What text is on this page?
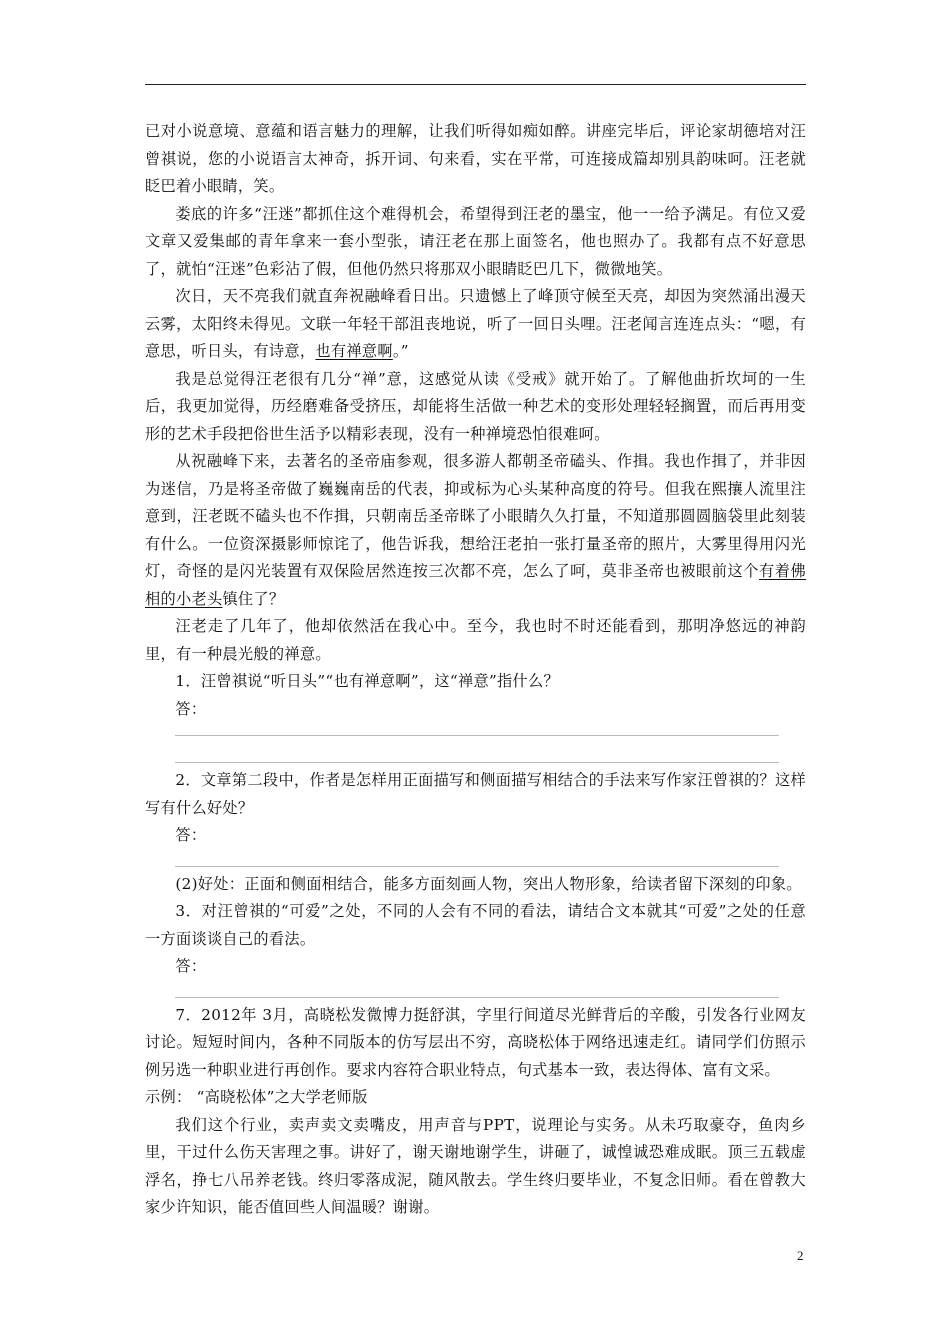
已对小说意境、意蕴和语言魅力的理解，让我们听得如痴如醉。讲座完毕后，评论家胡德培对汪曾祺说，您的小说语言太神奇，拆开词、句来看，实在平常，可连接成篇却别具韵味呵。汪老就眨巴着小眼睛，笑。

娄底的许多“汪迷”都抓住这个难得机会，希望得到汪老的墨宝，他一一给予满足。有位又爱文章又爱集邮的青年拿来一套小型张，请汪老在那上面签名，他也照办了。我都有点不好意思了，就怕“汪迷”色彩沾了假，但他仍然只将那双小眼睛眨巴几下，微微地笑。

次日，天不亮我们就直奔祝融峰看日出。只遗憾上了峰顶守候至天亮，却因为突然涌出漫天云雾，太阳终未得见。文联一年轻干部沮丧地说，听了一回日头哩。汪老闻言连连点头：“嗯，有意思，听日头，有诗意，也有禅意啊。”

我是总觉得汪老很有几分“禅”意，这感觉从读《受戒》就开始了。了解他曲折坎坷的一生后，我更加觉得，历经磨难备受挤压，却能将生活做一种艺术的变形处理轻轻搁置，而后再用变形的艺术手段把俗世生活予以精彩表现，没有一种禅境恐怕很难呵。

从祝融峰下来，去著名的圣帝庙参观，很多游人都朝圣帝磕头、作揖。我也作揖了，并非因为迷信，乃是将圣帝做了巍巍南岳的代表，抑或标为心头某种高度的符号。但我在熙攘人流里注意到，汪老既不磕头也不作揖，只朝南岳圣帝眯了小眼睛久久打量，不知道那圆圆脑袋里此刻装有什么。一位资深摄影师惊诧了，他告诉我，想给汪老拍一张打量圣帝的照片，大雾里得用闪光灯，奇怪的是闪光装置有双保险居然连按三次都不亮，怎么了呵，莫非圣帝也被眼前这个有着佛相的小老头镇住了？

汪老走了几年了，他却依然活在我心中。至今，我也时不时还能看到，那明净悠远的神韵里，有一种晨光般的禅意。

1．汪曾祺说“听日头”“也有禅意啊”，这“禅意”指什么？

答：

2．文章第二段中，作者是怎样用正面描写和侧面描写相结合的手法来写作家汪曾祺的？这样写有什么好处？

答：

(2)好处：正面和侧面相结合，能多方面刻画人物，突出人物形象，给读者留下深刻的印象。

3．对汪曾祺的“可爱”之处，不同的人会有不同的看法，请结合文本就其“可爱”之处的任意一方面谈谈自己的看法。

答：

7．2012年 3月，高晓松发微博力挺舒淇，字里行间道尽光鲜背后的辛酸，引发各行业网友讨论。短短时间内，各种不同版本的仿写层出不穷，高晓松体于网络迅速走红。请同学们仿照示例另选一种职业进行再创作。要求内容符合职业特点，句式基本一致，表达得体、富有文采。

示例： “高晓松体”之大学老师版

我们这个行业，卖声卖文卖嘴皮，用声音与PPT，说理论与实务。从未巧取豪夺，鱼肉乡里，干过什么伤天害理之事。讲好了，谢天谢地谢学生，讲砸了，诚惶诚恐难成眠。顶三五载虚浮名，挣七八吊养老钱。终归零落成泥，随风散去。学生终归要毕业，不复念旧师。看在曾教大家少许知识，能否值回些人间温暖？谢谢。

2
